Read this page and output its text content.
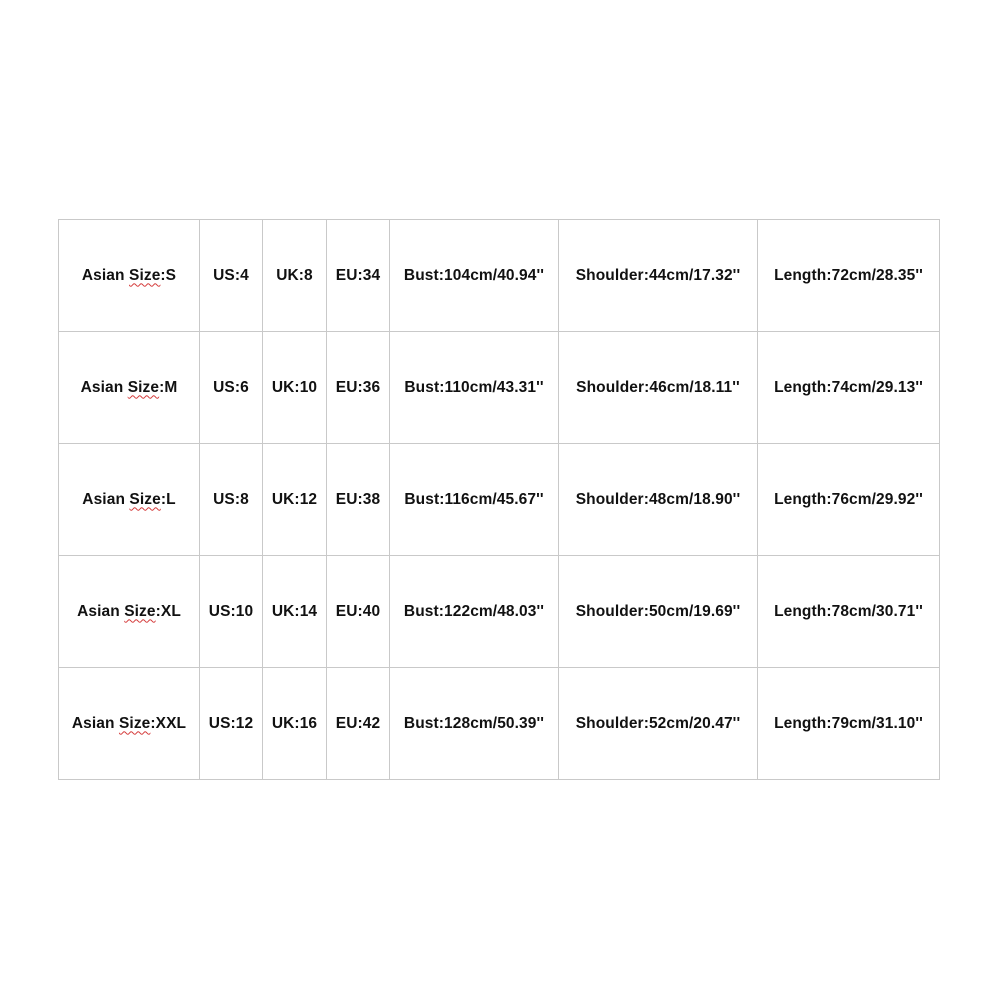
Asian Size:S	US:4	UK:8	EU:34	Bust:104cm/40.94''	Shoulder:44cm/17.32''	Length:72cm/28.35''
Asian Size:M	US:6	UK:10	EU:36	Bust:110cm/43.31''	Shoulder:46cm/18.11''	Length:74cm/29.13''
Asian Size:L	US:8	UK:12	EU:38	Bust:116cm/45.67''	Shoulder:48cm/18.90''	Length:76cm/29.92''
Asian Size:XL	US:10	UK:14	EU:40	Bust:122cm/48.03''	Shoulder:50cm/19.69''	Length:78cm/30.71''
Asian Size:XXL	US:12	UK:16	EU:42	Bust:128cm/50.39''	Shoulder:52cm/20.47''	Length:79cm/31.10''
